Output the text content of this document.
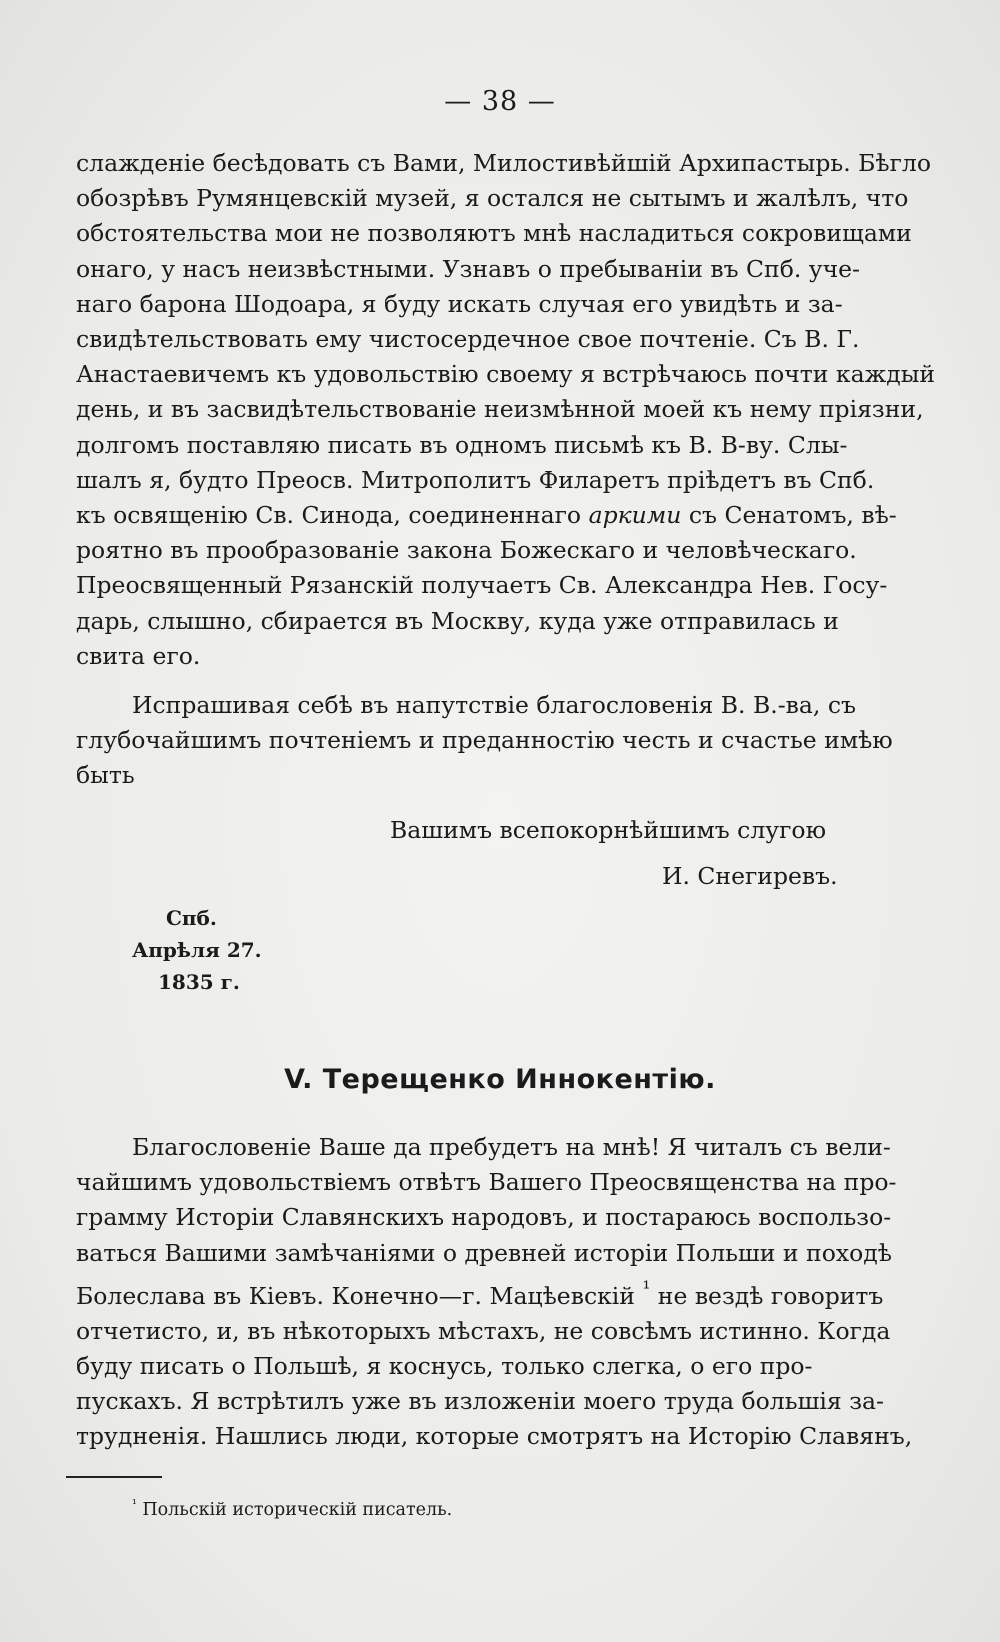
— 38 —

слажденіе бесѣдовать съ Вами, Милостивѣйшій Архипастырь. Бѣгло

обозрѣвъ Румянцевскій музей, я остался не сытымъ и жалѣлъ, что

обстоятельства мои не позволяютъ мнѣ насладиться сокровищами

онаго, у насъ неизвѣстными. Узнавъ о пребываніи въ Спб. уче-

наго барона Шодоара, я буду искать случая его увидѣть и за-

свидѣтельствовать ему чистосердечное свое почтеніе. Съ В. Г.

Анастаевичемъ къ удовольствію своему я встрѣчаюсь почти каждый

день, и въ засвидѣтельствованіе неизмѣнной моей къ нему пріязни,

долгомъ поставляю писать въ одномъ письмѣ къ В. В-ву. Слы-

шалъ я, будто Преосв. Митрополитъ Филаретъ пріѣдетъ въ Спб.

къ освященію Св. Синода, соединеннаго аркими съ Сенатомъ, вѣ-

роятно въ прообразованіе закона Божескаго и человѣческаго.

Преосвященный Рязанскій получаетъ Св. Александра Нев. Госу-

дарь, слышно, сбирается въ Москву, куда уже отправилась и

свита его.

Испрашивая себѣ въ напутствіе благословенія В. В.-ва, съ

глубочайшимъ почтеніемъ и преданностію честь и счастье имѣю

быть

Вашимъ всепокорнѣйшимъ слугою
И. Снегиревъ.
Спб.
Апрѣля 27.
1835 г.
V. Терещенко Иннокентію.

Благословеніе Ваше да пребудетъ на мнѣ! Я читалъ съ вели-

чайшимъ удовольствіемъ отвѣтъ Вашего Преосвященства на про-

грамму Исторіи Славянскихъ народовъ, и постараюсь воспользо-

ваться Вашими замѣчаніями о древней исторіи Польши и походѣ

Болеслава въ Кіевъ. Конечно—г. Мацѣевскій $^{^1}$ не вездѣ говоритъ

отчетисто, и, въ нѣкоторыхъ мѣстахъ, не совсѣмъ истинно. Когда

буду писать о Польшѣ, я коснусь, только слегка, о его про-

пускахъ. Я встрѣтилъ уже въ изложеніи моего труда большія за-

трудненія. Нашлись люди, которые смотрятъ на Исторію Славянъ,

$^{^1}$ Польскій историческій писатель.
